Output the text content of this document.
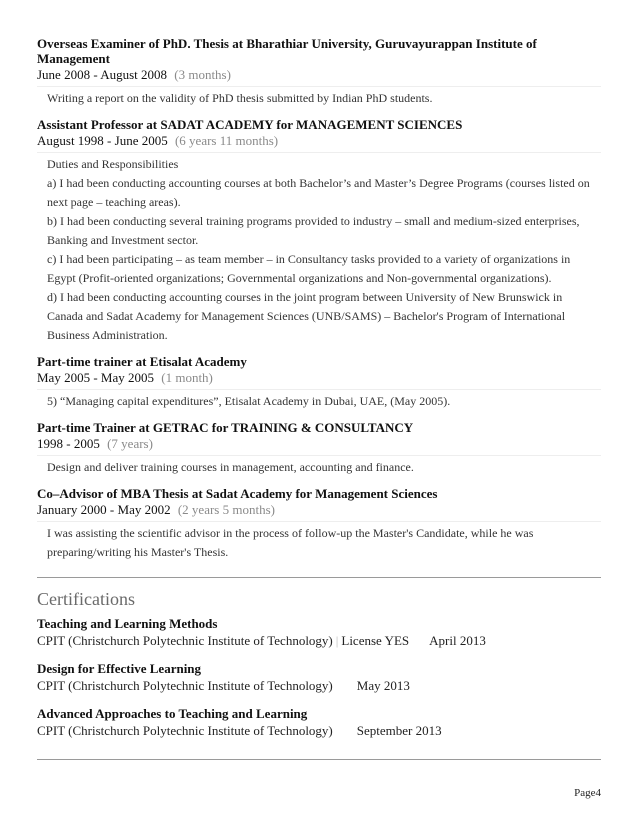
Overseas Examiner of PhD. Thesis at Bharathiar University, Guruvayurappan Institute of Management
June 2008 - August 2008 (3 months)
Writing a report on the validity of PhD thesis submitted by Indian PhD students.
Assistant Professor at SADAT ACADEMY for MANAGEMENT SCIENCES
August 1998 - June 2005 (6 years 11 months)
Duties and Responsibilities
a) I had been conducting accounting courses at both Bachelor’s and Master’s Degree Programs (courses listed on next page – teaching areas).
b) I had been conducting several training programs provided to industry – small and medium-sized enterprises, Banking and Investment sector.
c) I had been participating – as team member – in Consultancy tasks provided to a variety of organizations in Egypt (Profit-oriented organizations; Governmental organizations and Non-governmental organizations).
d) I had been conducting accounting courses in the joint program between University of New Brunswick in Canada and Sadat Academy for Management Sciences (UNB/SAMS) – Bachelor's Program of International Business Administration.
Part-time trainer at Etisalat Academy
May 2005 - May 2005 (1 month)
5) “Managing capital expenditures”, Etisalat Academy in Dubai, UAE, (May 2005).
Part-time Trainer at GETRAC for TRAINING & CONSULTANCY
1998 - 2005 (7 years)
Design and deliver training courses in management, accounting and finance.
Co–Advisor of MBA Thesis at Sadat Academy for Management Sciences
January 2000 - May 2002 (2 years 5 months)
I was assisting the scientific advisor in the process of follow-up the Master's Candidate, while he was preparing/writing his Master's Thesis.
Certifications
Teaching and Learning Methods
CPIT (Christchurch Polytechnic Institute of Technology) | License YES April 2013
Design for Effective Learning
CPIT (Christchurch Polytechnic Institute of Technology) May 2013
Advanced Approaches to Teaching and Learning
CPIT (Christchurch Polytechnic Institute of Technology) September 2013
Page4
